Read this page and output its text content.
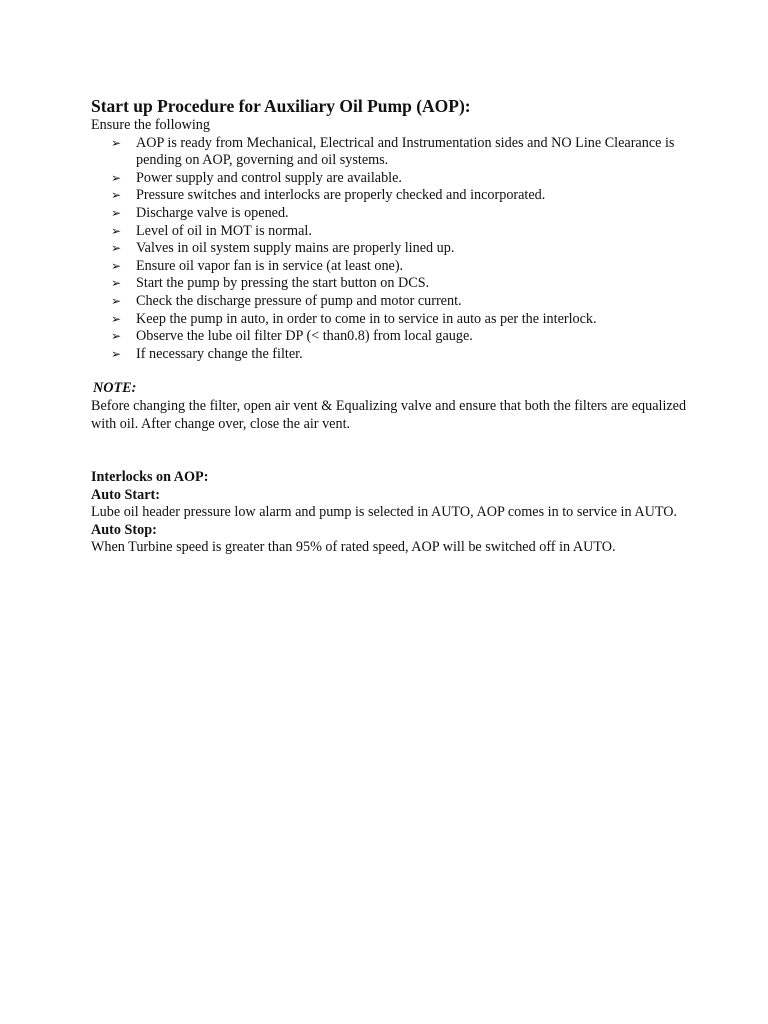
Start up Procedure for Auxiliary Oil Pump (AOP):

Ensure the following

➢ AOP is ready from Mechanical, Electrical and Instrumentation sides and NO Line Clearance is pending on AOP, governing and oil systems.
➢ Power supply and control supply are available.
➢ Pressure switches and interlocks are properly checked and incorporated.
➢ Discharge valve is opened.
➢ Level of oil in MOT is normal.
➢ Valves in oil system supply mains are properly lined up.
➢ Ensure oil vapor fan is in service (at least one).
➢ Start the pump by pressing the start button on DCS.
➢ Check the discharge pressure of pump and motor current.
➢ Keep the pump in auto, in order to come in to service in auto as per the interlock.
➢ Observe the lube oil filter DP (< than0.8) from local gauge.
➢ If necessary change the filter.

NOTE:

Before changing the filter, open air vent & Equalizing valve and ensure that both the filters are equalized with oil. After change over, close the air vent.

Interlocks on AOP:

Auto Start:

Lube oil header pressure low alarm and pump is selected in AUTO, AOP comes in to service in AUTO.

Auto Stop:

When Turbine speed is greater than 95% of rated speed, AOP will be switched off in AUTO.
